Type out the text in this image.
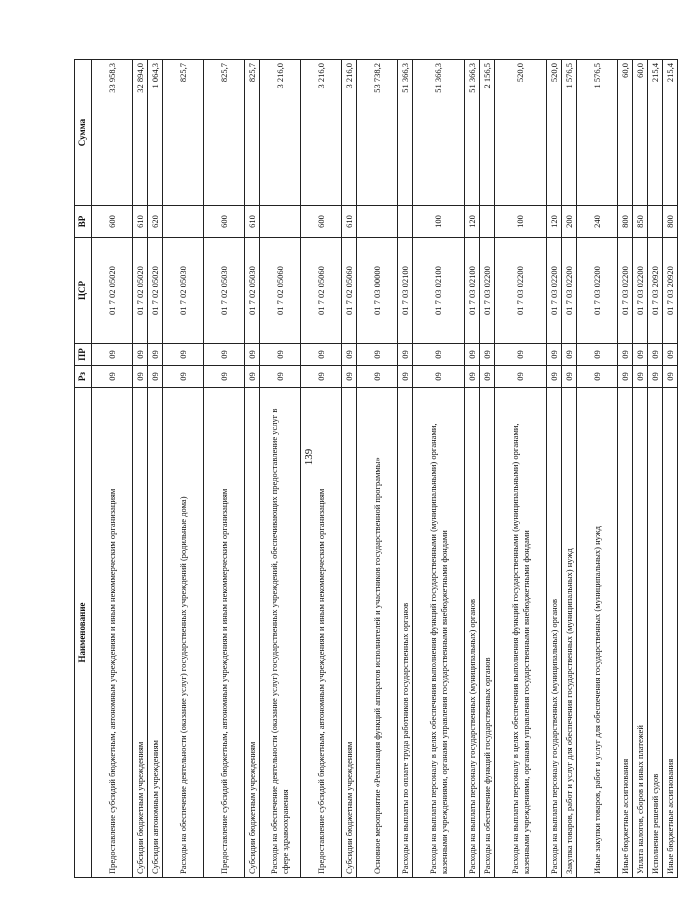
139
Наименование	Рз	ПР	ЦСР	ВР	Сумма
Предоставление субсидий бюджетным, автономным учреждениям и иным некоммерческим организациям	09	09	01 7 02 05020	600	33 958,3
Субсидии бюджетным учреждениям	09	09	01 7 02 05020	610	32 894,0
Субсидии автономным учреждениям	09	09	01 7 02 05020	620	1 064,3
Расходы на обеспечение деятельности (оказание услуг) государственных учреждений (родильные дома)	09	09	01 7 02 05030		825,7
Предоставление субсидий бюджетным, автономным учреждениям и иным некоммерческим организациям	09	09	01 7 02 05030	600	825,7
Субсидии бюджетным учреждениям	09	09	01 7 02 05030	610	825,7
Расходы на обеспечение деятельности (оказание услуг) государственных учреждений, обеспечивающих предоставление услуг в сфере здравоохранения	09	09	01 7 02 05060		3 216,0
Предоставление субсидий бюджетным, автономным учреждениям и иным некоммерческим организациям	09	09	01 7 02 05060	600	3 216,0
Субсидии бюджетным учреждениям	09	09	01 7 02 05060	610	3 216,0
Основное мероприятие «Реализация функций аппаратов исполнителей и участников государственной программы»	09	09	01 7 03 00000		53 738,2
Расходы на выплаты по оплате труда работников государственных органов	09	09	01 7 03 02100		51 366,3
Расходы на выплаты персоналу в целях обеспечения выполнения функций государственными (муниципальными) органами, казенными учреждениями, органами управления государственными внебюджетными фондами	09	09	01 7 03 02100	100	51 366,3
Расходы на выплаты персоналу государственных (муниципальных) органов	09	09	01 7 03 02100	120	51 366,3
Расходы на обеспечение функций государственных органов	09	09	01 7 03 02200		2 156,5
Расходы на выплаты персоналу в целях обеспечения выполнения функций государственными (муниципальными) органами, казенными учреждениями, органами управления государственными внебюджетными фондами	09	09	01 7 03 02200	100	520,0
Расходы на выплаты персоналу государственных (муниципальных) органов	09	09	01 7 03 02200	120	520,0
Закупка товаров, работ и услуг для обеспечения государственных (муниципальных) нужд	09	09	01 7 03 02200	200	1 576,5
Иные закупки товаров, работ и услуг для обеспечения государственных (муниципальных) нужд	09	09	01 7 03 02200	240	1 576,5
Иные бюджетные ассигнования	09	09	01 7 03 02200	800	60,0
Уплата налогов, сборов и иных платежей	09	09	01 7 03 02200	850	60,0
Исполнение решений судов	09	09	01 7 03 20920		215,4
Иные бюджетные ассигнования	09	09	01 7 03 20920	800	215,4
